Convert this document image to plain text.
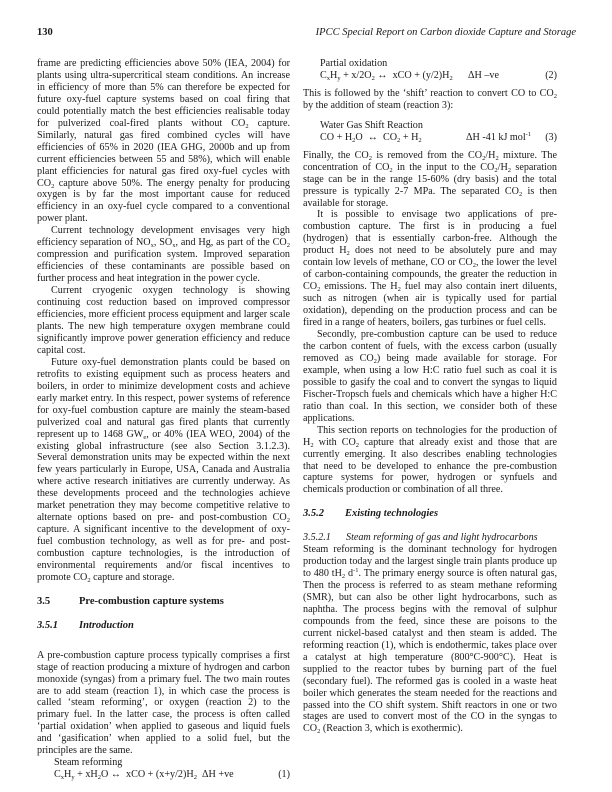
130	IPCC Special Report on Carbon dioxide Capture and Storage

frame are predicting efficiencies above 50% (IEA, 2004) for plants using ultra-supercritical steam conditions. An increase in efficiency of more than 5% can therefore be expected for future oxy-fuel capture systems based on coal firing that could potentially match the best efficiencies realisable today for pulverized coal-fired plants without $CO_2$ capture. Similarly, natural gas fired combined cycles will have efficiencies of 65% in 2020 (IEA GHG, 2000b and up from current efficiencies between 55 and 58%), which will enable plant efficiencies for natural gas fired oxy-fuel cycles with $CO_2$ capture above 50%. The energy penalty for producing oxygen is by far the most important cause for reduced efficiency in an oxy-fuel cycle compared to a conventional power plant.

Current technology development envisages very high efficiency separation of $NO_x$, $SO_x$, and Hg, as part of the $CO_2$ compression and purification system. Improved separation efficiencies of these contaminants are possible based on further process and heat integration in the power cycle.

Current cryogenic oxygen technology is showing continuing cost reduction based on improved compressor efficiencies, more efficient process equipment and larger scale plants. The new high temperature oxygen membrane could significantly improve power generation efficiency and reduce capital cost.

Future oxy-fuel demonstration plants could be based on retrofits to existing equipment such as process heaters and boilers, in order to minimize development costs and achieve early market entry. In this respect, power systems of reference for oxy-fuel combustion capture are mainly the steam-based pulverized coal and natural gas fired plants that currently represent up to 1468 $GW_e$, or 40% (IEA WEO, 2004) of the existing global infrastructure (see also Section 3.1.2.3). Several demonstration units may be expected within the next few years particularly in Europe, USA, Canada and Australia where active research initiatives are currently underway. As these developments proceed and the technologies achieve market penetration they may become competitive relative to alternate options based on pre- and post-combustion $CO_2$ capture. A significant incentive to the development of oxy-fuel combustion technology, as well as for pre- and post-combustion capture technologies, is the introduction of environmental requirements and/or fiscal incentives to promote $CO_2$ capture and storage.

3.5	Pre-combustion capture systems
3.5.1	Introduction

A pre-combustion capture process typically comprises a first stage of reaction producing a mixture of hydrogen and carbon monoxide (syngas) from a primary fuel. The two main routes are to add steam (reaction 1), in which case the process is called ‘steam reforming’, or oxygen (reaction 2) to the primary fuel. In the latter case, the process is often called ‘partial oxidation’ when applied to gaseous and liquid fuels and ‘gasification’ when applied to a solid fuel, but the principles are the same.

Steam reforming
$C_xH_y + xH_2O$ ↔  xCO + $(x+y/2)H_2$ ΔH +ve	(1)
Partial oxidation
$C_xH_y + x/2O_2$ ↔  xCO + $(y/2)H_2$	ΔH –ve	(2)

This is followed by the ‘shift’ reaction to convert CO to $CO_2$ by the addition of steam (reaction 3):

Water Gas Shift Reaction
CO + $H_2O$  ↔  $CO_2 + H_2$	ΔH -41 kJ mol$^{-1}$ (3)

Finally, the $CO_2$ is removed from the $CO_2/H_2$ mixture. The concentration of $CO_2$ in the input to the $CO_2/H_2$ separation stage can be in the range 15-60% (dry basis) and the total pressure is typically 2-7 MPa. The separated $CO_2$ is then available for storage.

It is possible to envisage two applications of pre-combustion capture. The first is in producing a fuel (hydrogen) that is essentially carbon-free. Although the product $H_2$ does not need to be absolutely pure and may contain low levels of methane, CO or $CO_2$, the lower the level of carbon-containing compounds, the greater the reduction in $CO_2$ emissions. The $H_2$ fuel may also contain inert diluents, such as nitrogen (when air is typically used for partial oxidation), depending on the production process and can be fired in a range of heaters, boilers, gas turbines or fuel cells.

Secondly, pre-combustion capture can be used to reduce the carbon content of fuels, with the excess carbon (usually removed as $CO_2$) being made available for storage. For example, when using a low H:C ratio fuel such as coal it is possible to gasify the coal and to convert the syngas to liquid Fischer-Tropsch fuels and chemicals which have a higher H:C ratio than coal. In this section, we consider both of these applications.

This section reports on technologies for the production of $H_2$ with $CO_2$ capture that already exist and those that are currently emerging. It also describes enabling technologies that need to be developed to enhance the pre-combustion capture systems for power, hydrogen or synfuels and chemicals production or combination of all three.

3.5.2	Existing technologies
3.5.2.1	Steam reforming of gas and light hydrocarbons

Steam reforming is the dominant technology for hydrogen production today and the largest single train plants produce up to 480 $tH_2$ $d^{-1}$. The primary energy source is often natural gas, Then the process is referred to as steam methane reforming (SMR), but can also be other light hydrocarbons, such as naphtha. The process begins with the removal of sulphur compounds from the feed, since these are poisons to the current nickel-based catalyst and then steam is added. The reforming reaction (1), which is endothermic, takes place over a catalyst at high temperature (800°C-900°C). Heat is supplied to the reactor tubes by burning part of the fuel (secondary fuel). The reformed gas is cooled in a waste heat boiler which generates the steam needed for the reactions and passed into the CO shift system. Shift reactors in one or two stages are used to convert most of the CO in the syngas to $CO_2$ (Reaction 3, which is exothermic).
